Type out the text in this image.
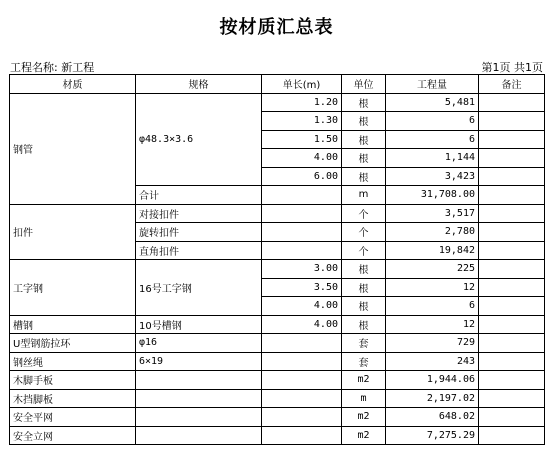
按材质汇总表
工程名称: 新工程	第1页 共1页
材质	规格	单长(m)	单位	工程量	备注
钢管	φ48.3×3.6	1.20	根	5,481	
		1.30	根	6	
		1.50	根	6	
		4.00	根	1,144	
		6.00	根	3,423	
	合计		m	31,708.00	
扣件	对接扣件		个	3,517	
	旋转扣件		个	2,780	
	直角扣件		个	19,842	
工字钢	16号工字钢	3.00	根	225	
		3.50	根	12	
		4.00	根	6	
槽钢	10号槽钢	4.00	根	12	
U型钢筋拉环	φ16		套	729	
钢丝绳	6×19		套	243	
木脚手板			m2	1,944.06	
木挡脚板			m	2,197.02	
安全平网			m2	648.02	
安全立网			m2	7,275.29	
